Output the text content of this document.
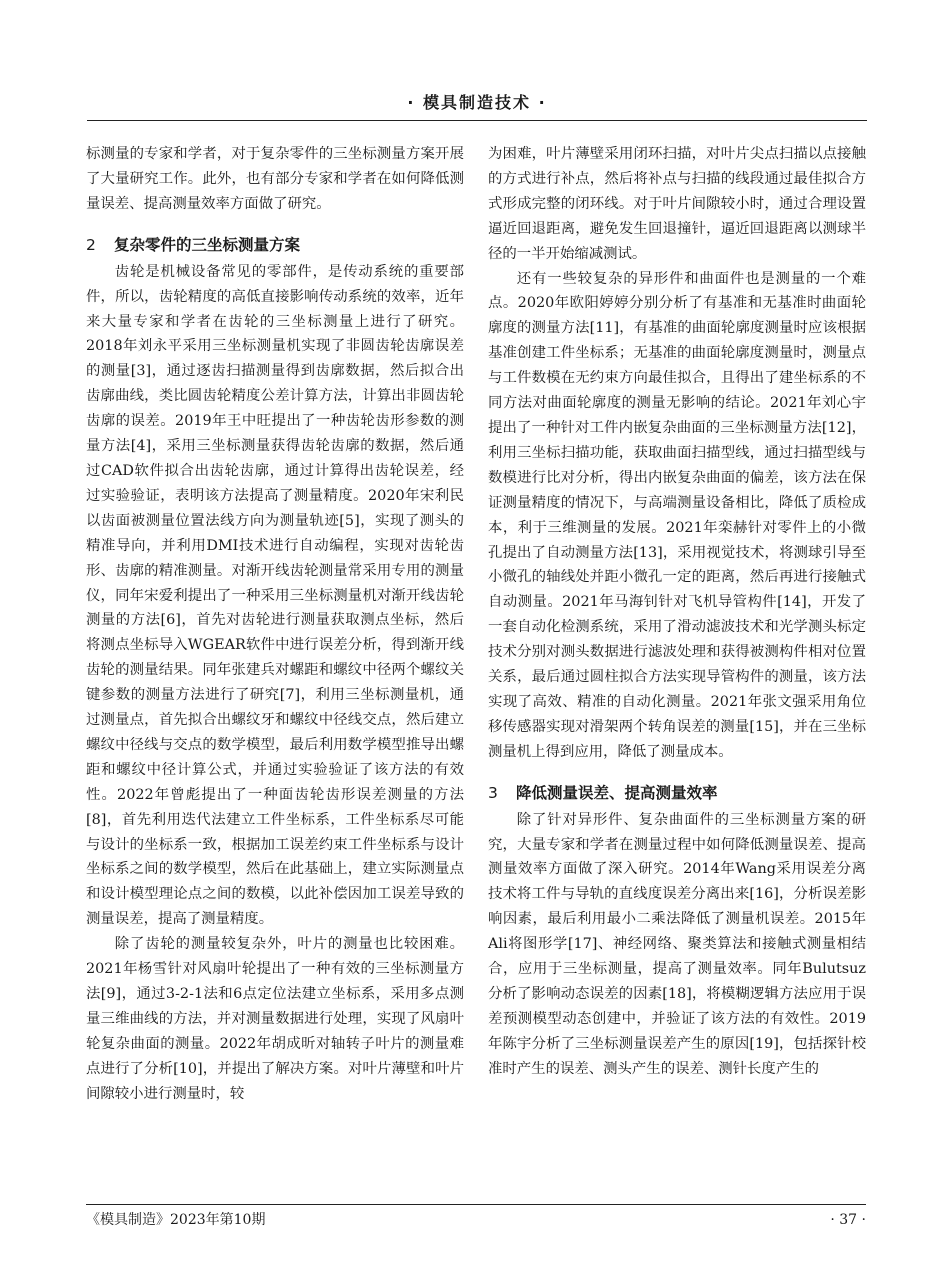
· 模具制造技术 ·

标测量的专家和学者，对于复杂零件的三坐标测量方案开展了大量研究工作。此外，也有部分专家和学者在如何降低测量误差、提高测量效率方面做了研究。

2 复杂零件的三坐标测量方案

齿轮是机械设备常见的零部件，是传动系统的重要部件，所以，齿轮精度的高低直接影响传动系统的效率，近年来大量专家和学者在齿轮的三坐标测量上进行了研究。2018年刘永平采用三坐标测量机实现了非圆齿轮齿廓误差的测量[3]，通过逐齿扫描测量得到齿廓数据，然后拟合出齿廓曲线，类比圆齿轮精度公差计算方法，计算出非圆齿轮齿廓的误差。2019年王中旺提出了一种齿轮齿形参数的测量方法[4]，采用三坐标测量获得齿轮齿廓的数据，然后通过CAD软件拟合出齿轮齿廓，通过计算得出齿轮误差，经过实验验证，表明该方法提高了测量精度。2020年宋利民以齿面被测量位置法线方向为测量轨迹[5]，实现了测头的精准导向，并利用DMI技术进行自动编程，实现对齿轮齿形、齿廓的精准测量。对渐开线齿轮测量常采用专用的测量仪，同年宋爱利提出了一种采用三坐标测量机对渐开线齿轮测量的方法[6]，首先对齿轮进行测量获取测点坐标，然后将测点坐标导入WGEAR软件中进行误差分析，得到渐开线齿轮的测量结果。同年张建兵对螺距和螺纹中径两个螺纹关键参数的测量方法进行了研究[7]，利用三坐标测量机，通过测量点，首先拟合出螺纹牙和螺纹中径线交点，然后建立螺纹中径线与交点的数学模型，最后利用数学模型推导出螺距和螺纹中径计算公式，并通过实验验证了该方法的有效性。2022年曾彪提出了一种面齿轮齿形误差测量的方法[8]，首先利用迭代法建立工件坐标系，工件坐标系尽可能与设计的坐标系一致，根据加工误差约束工件坐标系与设计坐标系之间的数学模型，然后在此基础上，建立实际测量点和设计模型理论点之间的数模，以此补偿因加工误差导致的测量误差，提高了测量精度。

除了齿轮的测量较复杂外，叶片的测量也比较困难。2021年杨雪针对风扇叶轮提出了一种有效的三坐标测量方法[9]，通过3-2-1法和6点定位法建立坐标系，采用多点测量三维曲线的方法，并对测量数据进行处理，实现了风扇叶轮复杂曲面的测量。2022年胡成昕对轴转子叶片的测量难点进行了分析[10]，并提出了解决方案。对叶片薄壁和叶片间隙较小进行测量时，较

为困难，叶片薄壁采用闭环扫描，对叶片尖点扫描以点接触的方式进行补点，然后将补点与扫描的线段通过最佳拟合方式形成完整的闭环线。对于叶片间隙较小时，通过合理设置逼近回退距离，避免发生回退撞针，逼近回退距离以测球半径的一半开始缩减测试。

还有一些较复杂的异形件和曲面件也是测量的一个难点。2020年欧阳婷婷分别分析了有基准和无基准时曲面轮廓度的测量方法[11]，有基准的曲面轮廓度测量时应该根据基准创建工件坐标系；无基准的曲面轮廓度测量时，测量点与工件数模在无约束方向最佳拟合，且得出了建坐标系的不同方法对曲面轮廓度的测量无影响的结论。2021年刘心宇提出了一种针对工件内嵌复杂曲面的三坐标测量方法[12]，利用三坐标扫描功能，获取曲面扫描型线，通过扫描型线与数模进行比对分析，得出内嵌复杂曲面的偏差，该方法在保证测量精度的情况下，与高端测量设备相比，降低了质检成本，利于三维测量的发展。2021年栾赫针对零件上的小微孔提出了自动测量方法[13]，采用视觉技术，将测球引导至小微孔的轴线处并距小微孔一定的距离，然后再进行接触式自动测量。2021年马海钊针对飞机导管构件[14]，开发了一套自动化检测系统，采用了滑动滤波技术和光学测头标定技术分别对测头数据进行滤波处理和获得被测构件相对位置关系，最后通过圆柱拟合方法实现导管构件的测量，该方法实现了高效、精准的自动化测量。2021年张文强采用角位移传感器实现对滑架两个转角误差的测量[15]，并在三坐标测量机上得到应用，降低了测量成本。

3 降低测量误差、提高测量效率

除了针对异形件、复杂曲面件的三坐标测量方案的研究，大量专家和学者在测量过程中如何降低测量误差、提高测量效率方面做了深入研究。2014年Wang采用误差分离技术将工件与导轨的直线度误差分离出来[16]，分析误差影响因素，最后利用最小二乘法降低了测量机误差。2015年Ali将图形学[17]、神经网络、聚类算法和接触式测量相结合，应用于三坐标测量，提高了测量效率。同年Bulutsuz分析了影响动态误差的因素[18]，将模糊逻辑方法应用于误差预测模型动态创建中，并验证了该方法的有效性。2019年陈宇分析了三坐标测量误差产生的原因[19]，包括探针校准时产生的误差、测头产生的误差、测针长度产生的

《模具制造》2023年第10期	· 37 ·
